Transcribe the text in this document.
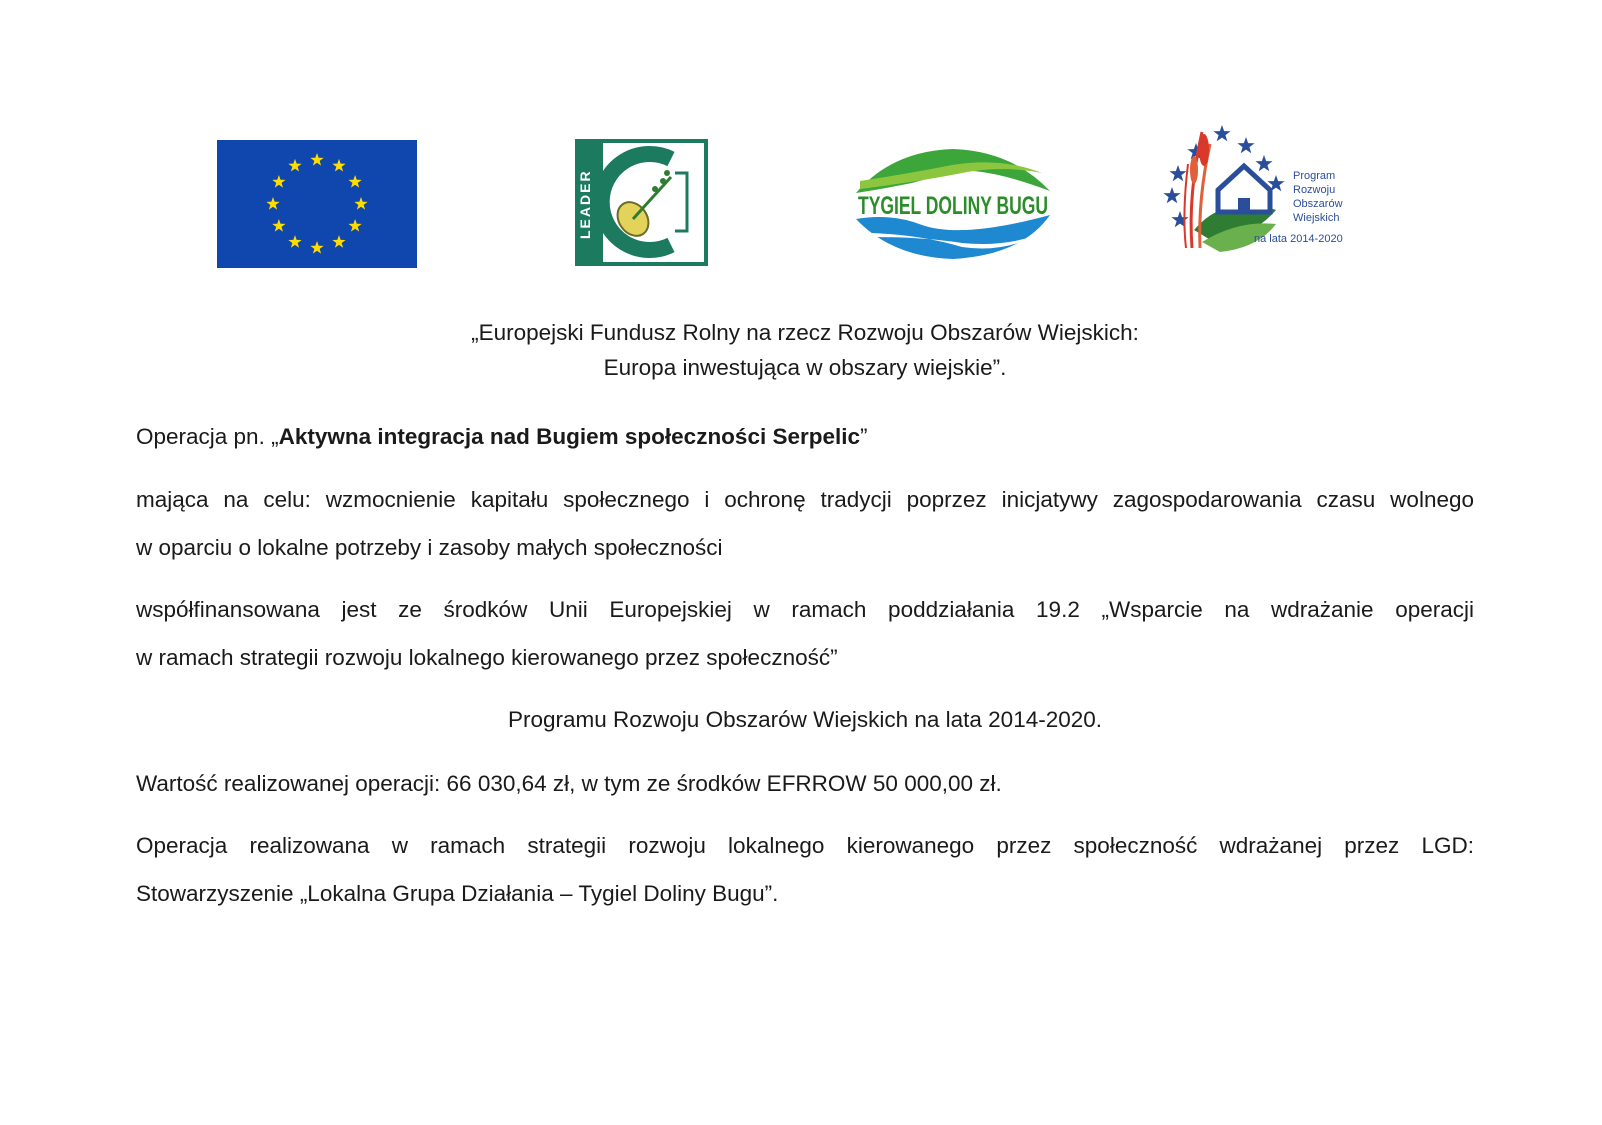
LEADER	TYGIEL DOLINY BUGU
Program
Rozwoju
Obszarów
Wiejskich
na lata 2014-2020
„Europejski Fundusz Rolny na rzecz Rozwoju Obszarów Wiejskich:
Europa inwestująca w obszary wiejskie”.
Operacja pn. „Aktywna integracja nad Bugiem społeczności Serpelic”
mająca na celu: wzmocnienie kapitału społecznego i ochronę tradycji poprzez inicjatywy zagospodarowania czasu wolnego
w oparciu o lokalne potrzeby i zasoby małych społeczności
współfinansowana jest ze środków Unii Europejskiej w ramach poddziałania 19.2 „Wsparcie na wdrażanie operacji
w ramach strategii rozwoju lokalnego kierowanego przez społeczność”
Programu Rozwoju Obszarów Wiejskich na lata 2014-2020.
Wartość realizowanej operacji: 66 030,64 zł, w tym ze środków EFRROW 50 000,00 zł.
Operacja realizowana w ramach strategii rozwoju lokalnego kierowanego przez społeczność wdrażanej przez LGD:
Stowarzyszenie „Lokalna Grupa Działania – Tygiel Doliny Bugu”.
